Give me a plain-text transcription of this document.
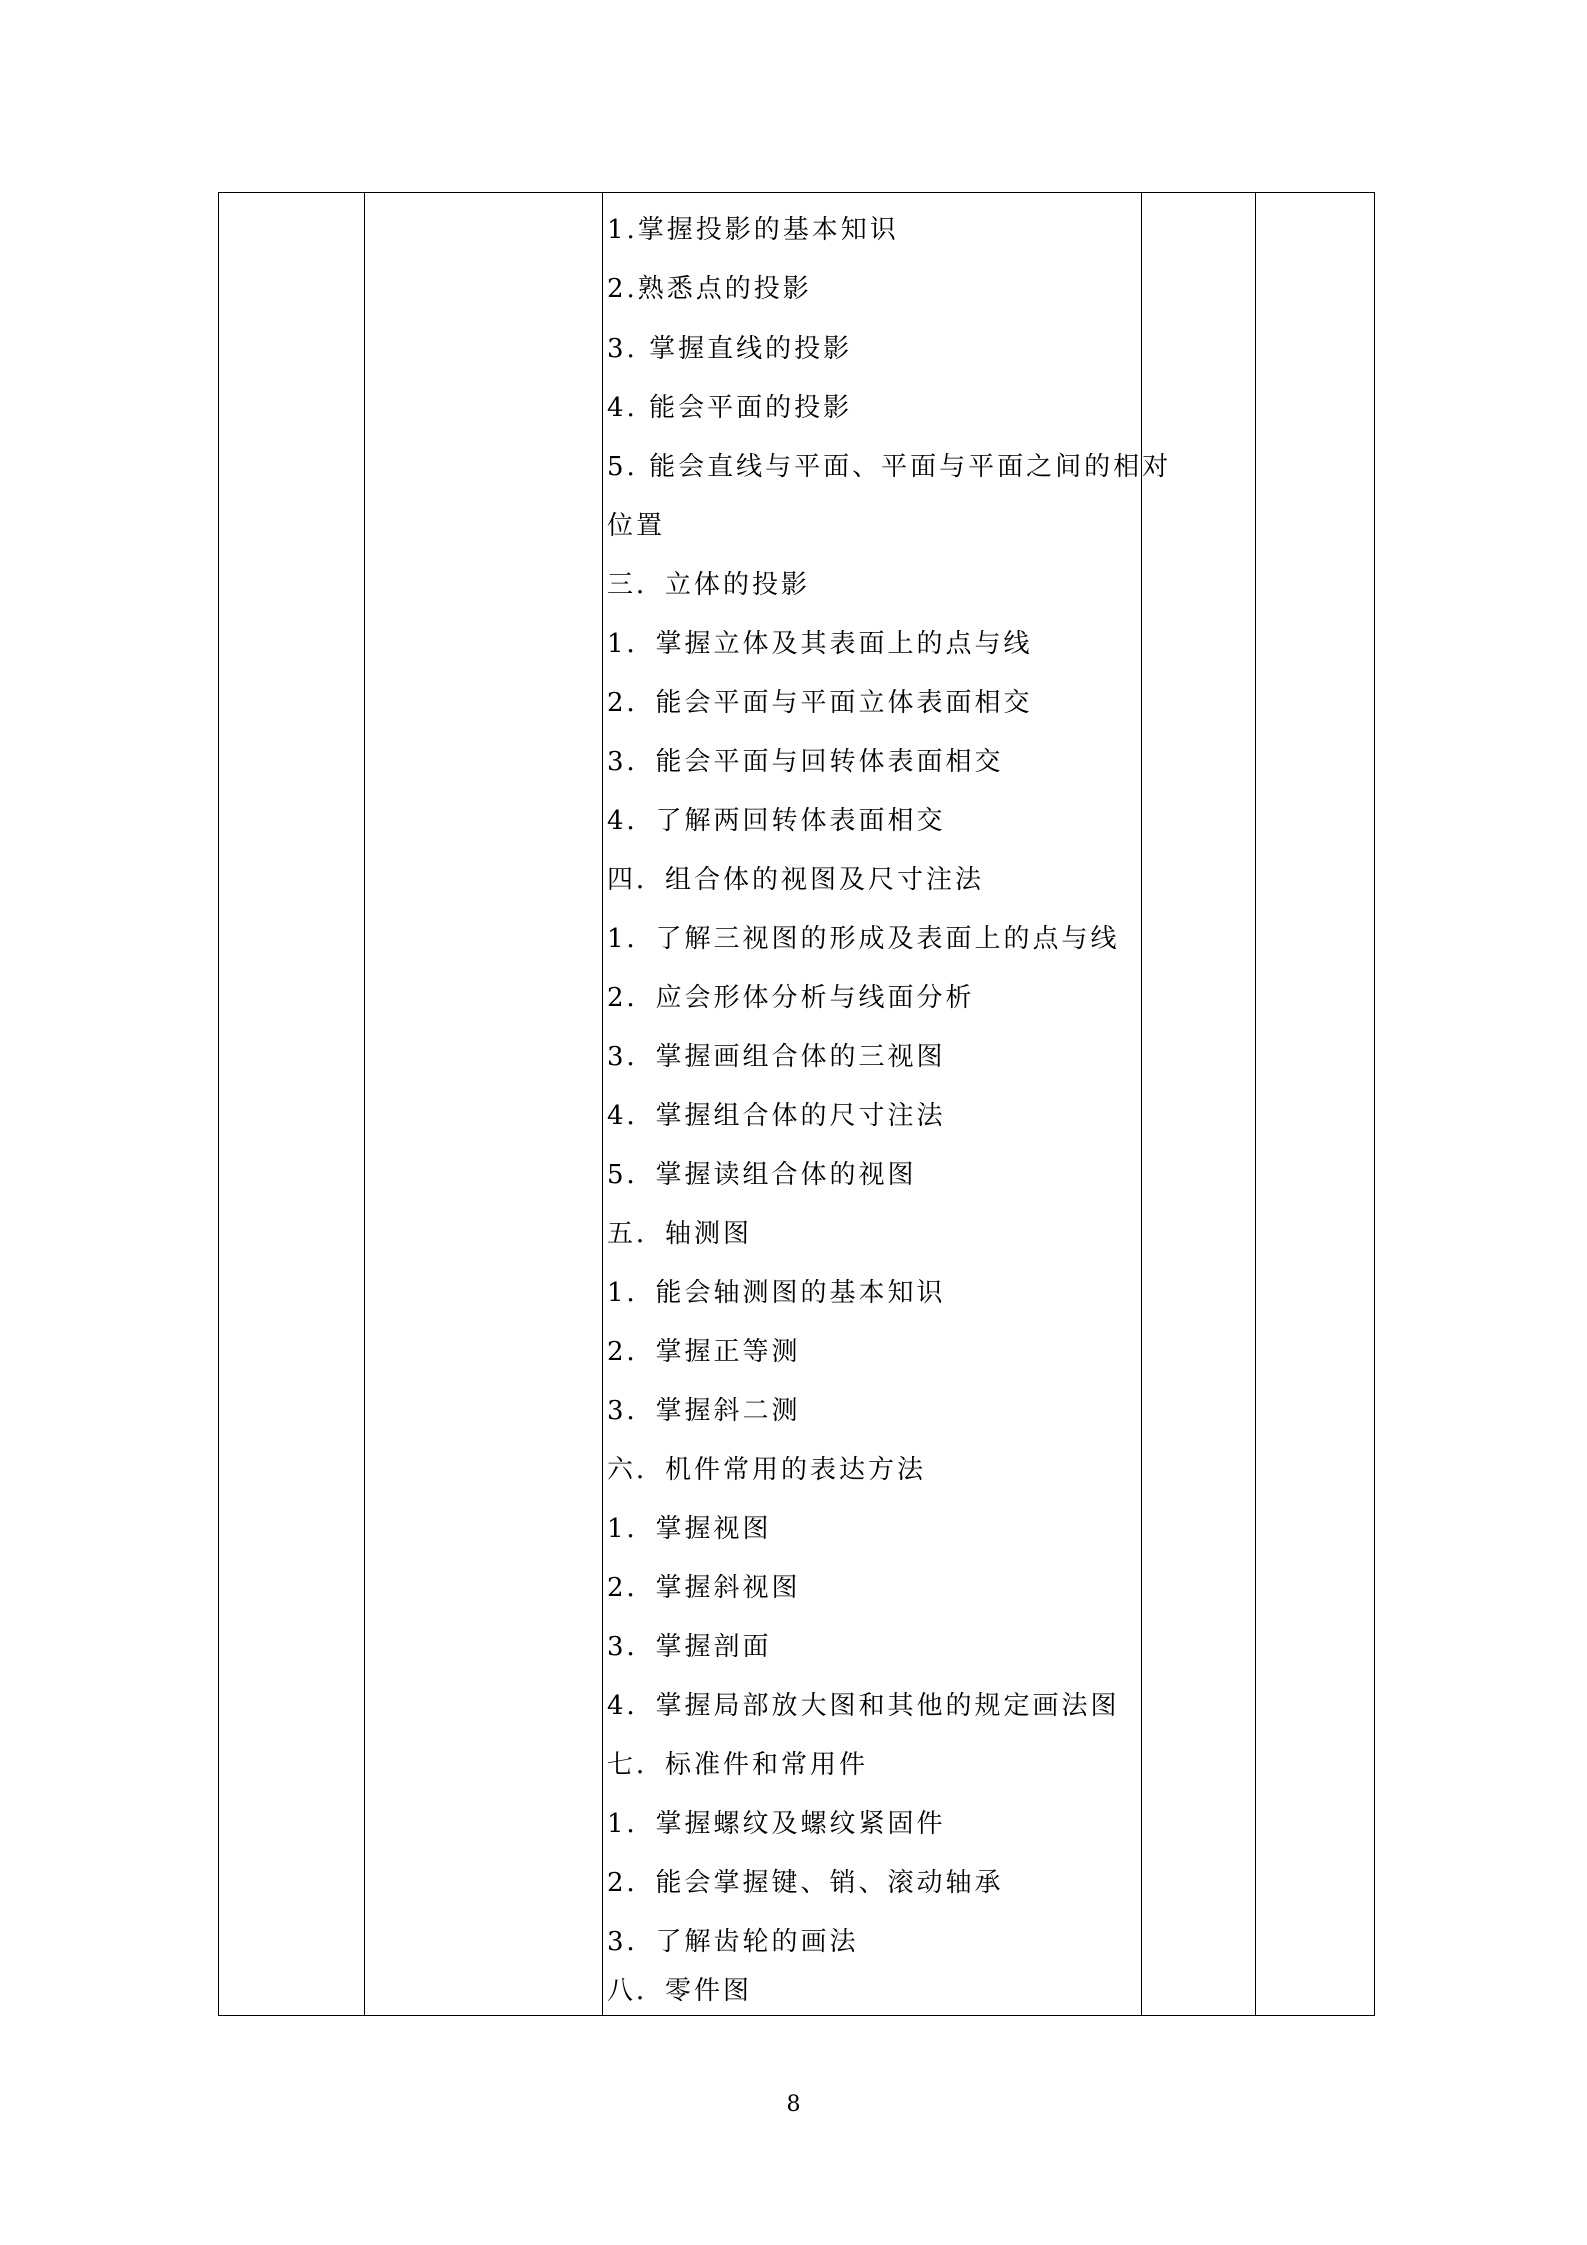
1.掌握投影的基本知识
2.熟悉点的投影
3. 掌握直线的投影
4. 能会平面的投影
5. 能会直线与平面、平面与平面之间的相对
位置
三．立体的投影
1．掌握立体及其表面上的点与线
2．能会平面与平面立体表面相交
3．能会平面与回转体表面相交
4．了解两回转体表面相交
四．组合体的视图及尺寸注法
1．了解三视图的形成及表面上的点与线
2．应会形体分析与线面分析
3．掌握画组合体的三视图
4．掌握组合体的尺寸注法
5．掌握读组合体的视图
五．轴测图
1．能会轴测图的基本知识
2．掌握正等测
3．掌握斜二测
六．机件常用的表达方法
1．掌握视图
2．掌握斜视图
3．掌握剖面
4．掌握局部放大图和其他的规定画法图
七．标准件和常用件
1．掌握螺纹及螺纹紧固件
2．能会掌握键、销、滚动轴承
3．了解齿轮的画法
八．零件图
8
